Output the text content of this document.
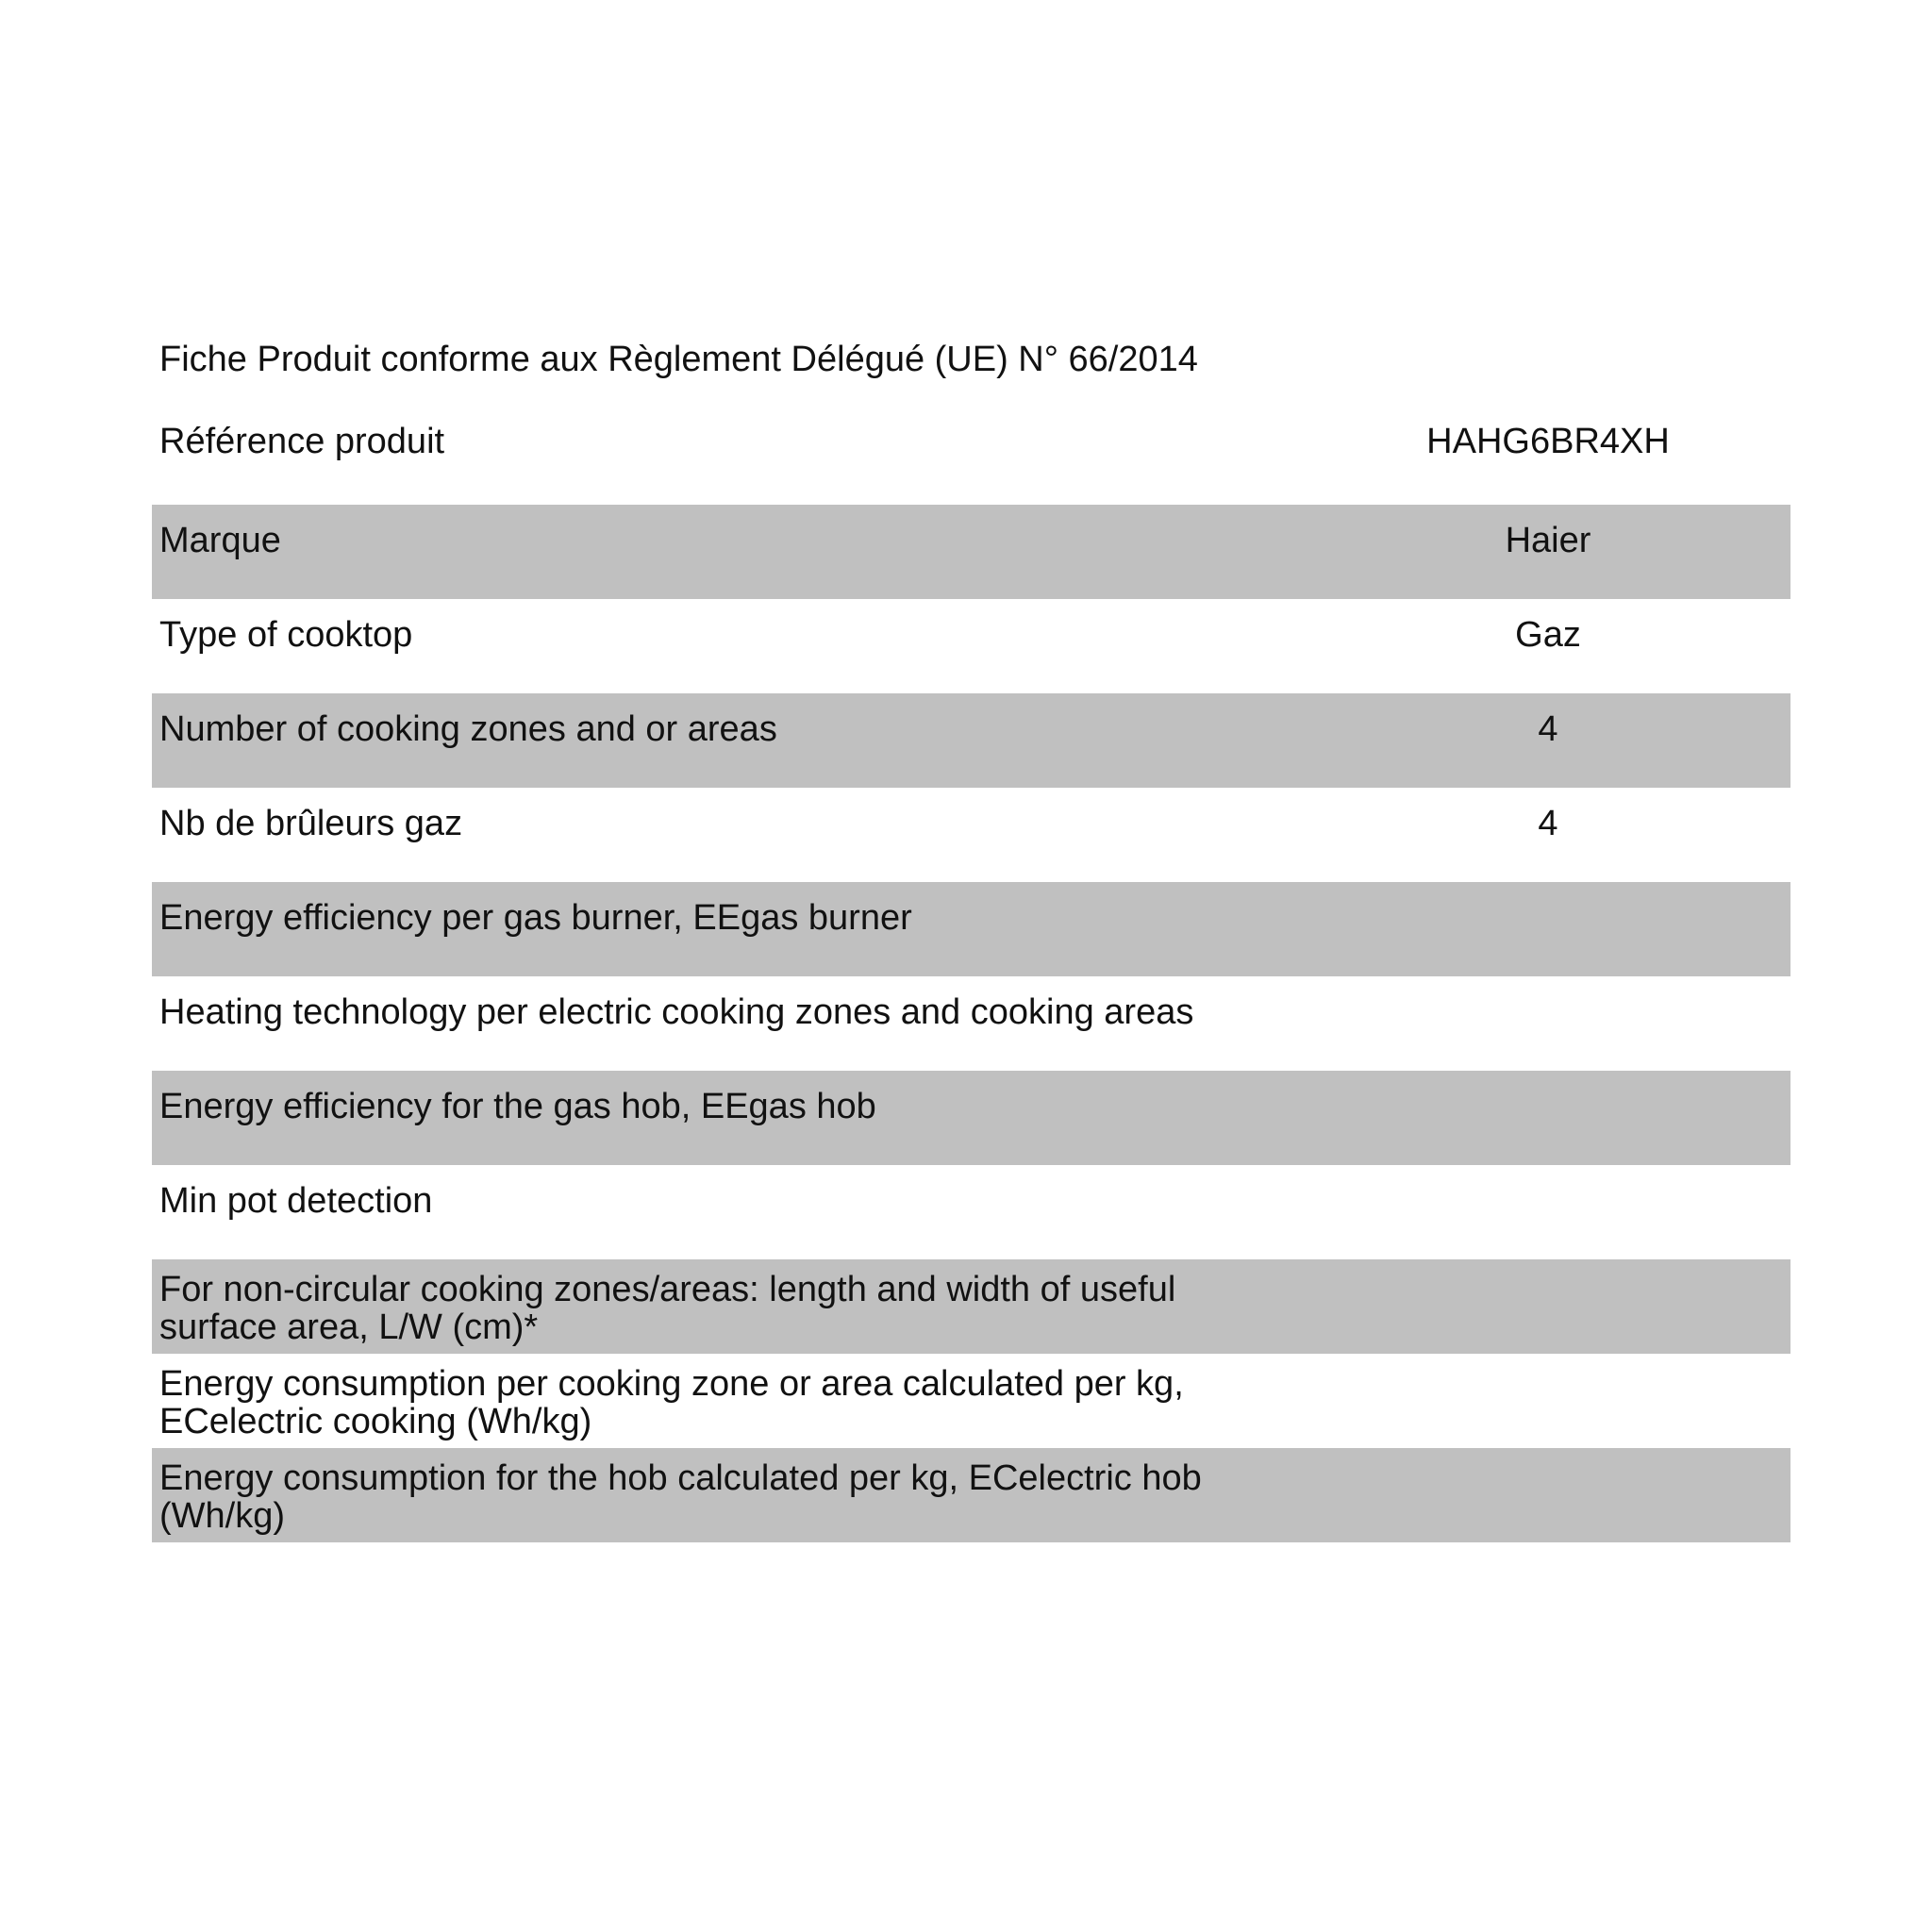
Fiche Produit conforme aux Règlement Délégué (UE) N° 66/2014
Référence produit	HAHG6BR4XH
Marque	Haier
Type of cooktop	Gaz
Number of cooking zones and or areas	4
Nb de brûleurs gaz	4
Energy efficiency per gas burner, EEgas burner
Heating technology per electric cooking zones and cooking areas
Energy efficiency for the gas hob, EEgas hob
Min pot detection
For non-circular cooking zones/areas: length and width of useful
surface area, L/W (cm)*
Energy consumption per cooking zone or area calculated per kg,
ECelectric cooking (Wh/kg)
Energy consumption for the hob calculated per kg, ECelectric hob
(Wh/kg)
